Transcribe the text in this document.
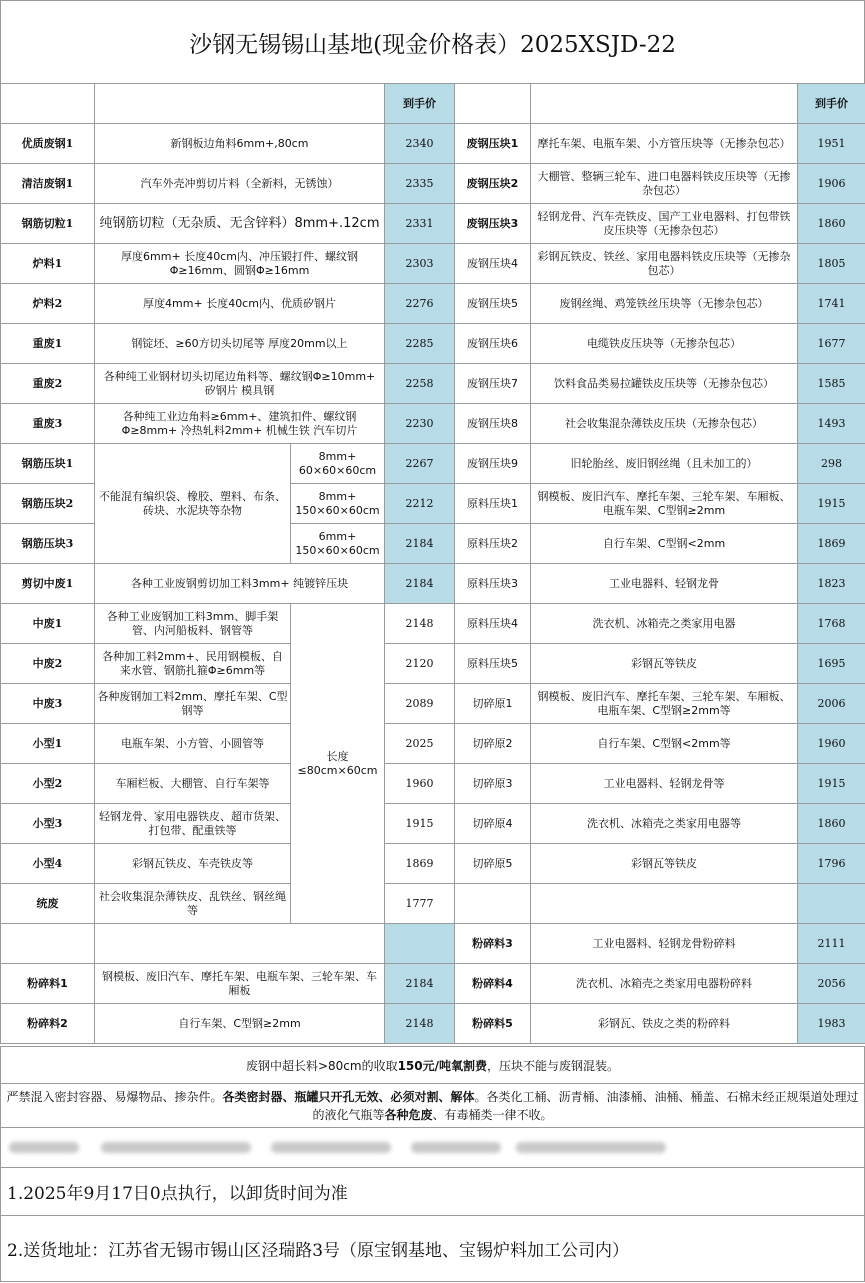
沙钢无锡锡山基地(现金价格表）2025XSJD-22
			到手价			到手价
优质废钢1	新钢板边角料6mm+,80cm		2340	废钢压块1	摩托车架、电瓶车架、小方管压块等（无掺杂包芯）	1951
清洁废钢1	汽车外壳冲剪切片料（全新料，无锈蚀）		2335	废钢压块2	大棚管、整辆三轮车、进口电器料铁皮压块等（无掺杂包芯）	1906
钢筋切粒1	纯钢筋切粒（无杂质、无含锌料）8mm+.12cm		2331	废钢压块3	轻钢龙骨、汽车壳铁皮、国产工业电器料、打包带铁皮压块等（无掺杂包芯）	1860
炉料1	厚度6mm+ 长度40cm内、冲压锻打件、螺纹钢Φ≥16mm、圆钢Φ≥16mm		2303	废钢压块4	彩钢瓦铁皮、铁丝、家用电器料铁皮压块等（无掺杂包芯）	1805
炉料2	厚度4mm+ 长度40cm内、优质矽钢片		2276	废钢压块5	废钢丝绳、鸡笼铁丝压块等（无掺杂包芯）	1741
重废1	钢锭坯、≥60方切头切尾等 厚度20mm以上		2285	废钢压块6	电缆铁皮压块等（无掺杂包芯）	1677
重废2	各种纯工业钢材切头切尾边角料等、螺纹钢Φ≥10mm+ 矽钢片 模具钢		2258	废钢压块7	饮料食品类易拉罐铁皮压块等（无掺杂包芯）	1585
重废3	各种纯工业边角料≥6mm+、建筑扣件、螺纹钢Φ≥8mm+ 冷热轧料2mm+ 机械生铁 汽车切片		2230	废钢压块8	社会收集混杂薄铁皮压块（无掺杂包芯）	1493
钢筋压块1	不能混有编织袋、橡胶、塑料、布条、砖块、水泥块等杂物	8mm+ 60×60×60cm	2267	废钢压块9	旧轮胎丝、废旧钢丝绳（且未加工的）	298
钢筋压块2		8mm+ 150×60×60cm	2212	原料压块1	钢模板、废旧汽车、摩托车架、三轮车架、车厢板、电瓶车架、C型钢≥2mm	1915
钢筋压块3		6mm+ 150×60×60cm	2184	原料压块2	自行车架、C型钢<2mm	1869
剪切中废1	各种工业废钢剪切加工料3mm+ 纯镀锌压块		2184	原料压块3	工业电器料、轻钢龙骨	1823
中废1	各种工业废钢加工料3mm、脚手架管、内河船板料、钢管等	长度≤80cm×60cm	2148	原料压块4	洗衣机、冰箱壳之类家用电器	1768
中废2	各种加工料2mm+、民用钢模板、自来水管、钢筋扎箍Φ≥6mm等		2120	原料压块5	彩钢瓦等铁皮	1695
中废3	各种废钢加工料2mm、摩托车架、C型钢等		2089	切碎原1	钢模板、废旧汽车、摩托车架、三轮车架、车厢板、电瓶车架、C型钢≥2mm等	2006
小型1	电瓶车架、小方管、小圆管等		2025	切碎原2	自行车架、C型钢<2mm等	1960
小型2	车厢栏板、大棚管、自行车架等		1960	切碎原3	工业电器料、轻钢龙骨等	1915
小型3	轻钢龙骨、家用电器铁皮、超市货架、打包带、配重铁等		1915	切碎原4	洗衣机、冰箱壳之类家用电器等	1860
小型4	彩钢瓦铁皮、车壳铁皮等		1869	切碎原5	彩钢瓦等铁皮	1796
统废	社会收集混杂薄铁皮、乱铁丝、钢丝绳等		1777			
				粉碎料3	工业电器料、轻钢龙骨粉碎料	2111
粉碎料1	钢模板、废旧汽车、摩托车架、电瓶车架、三轮车架、车厢板		2184	粉碎料4	洗衣机、冰箱壳之类家用电器粉碎料	2056
粉碎料2	自行车架、C型钢≥2mm		2148	粉碎料5	彩钢瓦、铁皮之类的粉碎料	1983
废钢中超长料>80cm的收取 150元/吨氧割费 ，压块不能与废钢混装。
严禁混入密封容器、易爆物品、掺杂件。各类密封器、瓶罐只开孔无效、必须对割、解体。各类化工桶、沥青桶、油漆桶、油桶、桶盖、石棉未经正规渠道处理过的液化气瓶等各种危废、有毒桶类一律不收。
1.2025年9月17日0点执行，以卸货时间为准
2.送货地址：江苏省无锡市锡山区泾瑞路3号（原宝钢基地、宝锡炉料加工公司内）
